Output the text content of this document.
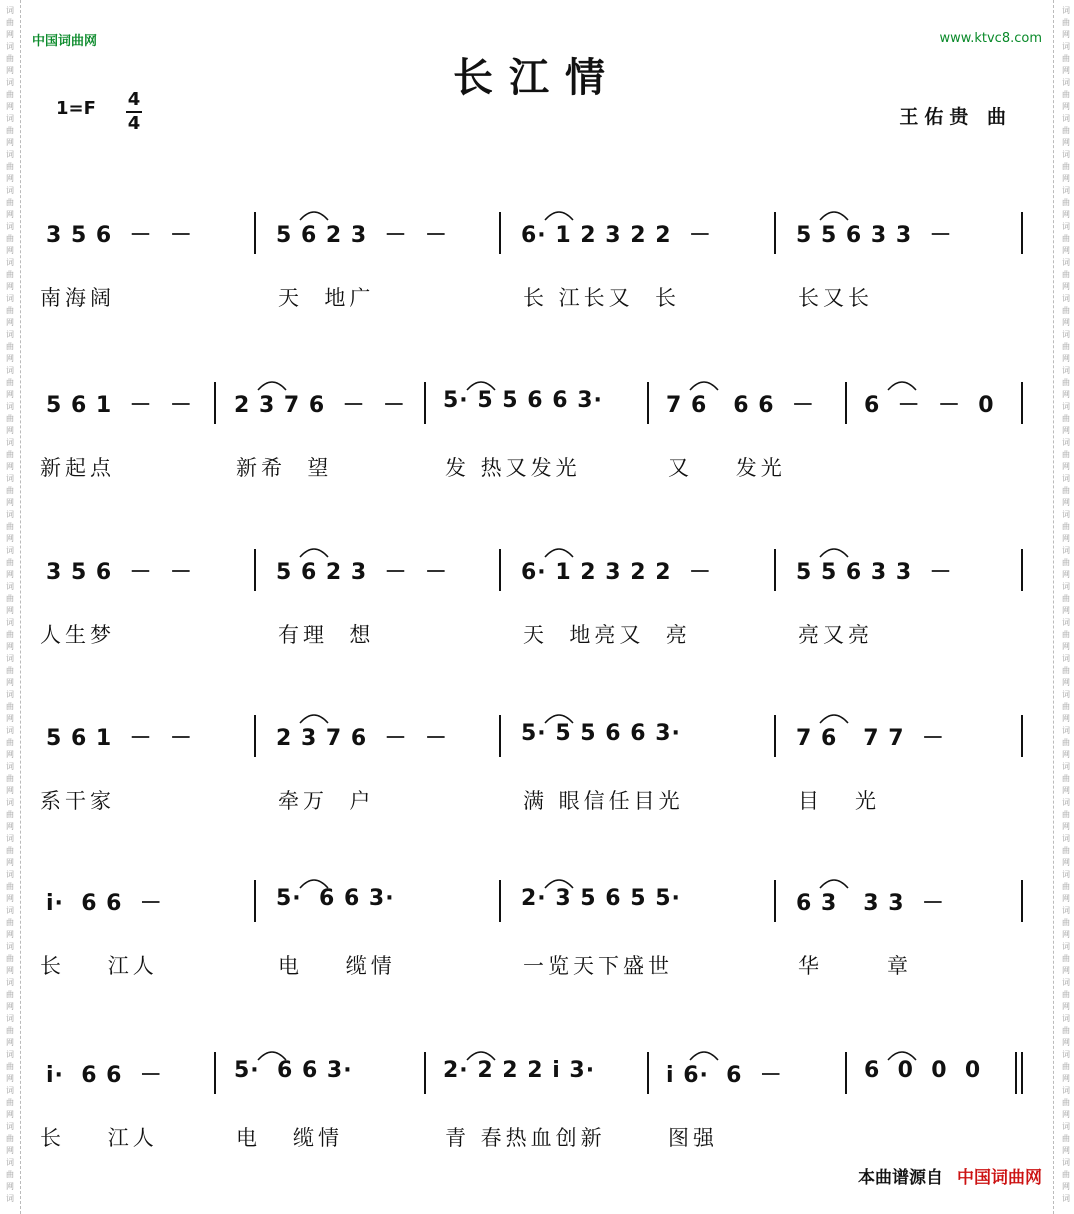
词
曲
网
词
曲
网
词
曲
网
词
曲
网
词
曲
网
词
曲
网
词
曲
网
词
曲
网
词
曲
网
词
曲
网
词
曲
网
词
曲
网
词
曲
网
词
曲
网
词
曲
网
词
曲
网
词
曲
网
词
曲
网
词
曲
网
词
曲
网
词
曲
网
词
曲
网
词
曲
网
词
曲
网
词
曲
网
词
曲
网
词
曲
网
词
曲
网
词
曲
网
词
曲
网
词
曲
网
词
曲
网
词
曲
网
词
词
曲
网
词
曲
网
词
曲
网
词
曲
网
词
曲
网
词
曲
网
词
曲
网
词
曲
网
词
曲
网
词
曲
网
词
曲
网
词
曲
网
词
曲
网
词
曲
网
词
曲
网
词
曲
网
词
曲
网
词
曲
网
词
曲
网
词
曲
网
词
曲
网
词
曲
网
词
曲
网
词
曲
网
词
曲
网
词
曲
网
词
曲
网
词
曲
网
词
曲
网
词
曲
网
词
曲
网
词
曲
网
词
曲
网
词
中国词曲网	www.ktvc8.com
长江情
1=F 4
4	王佑贵 曲
3 5 6  －  －	5 6 2 3  －  －	6· 1 2 3 2 2  －	5 5 6 3 3  －
南海阔	天  地广	长 江长又  长	长又长
5 6 1  －  － 2 3 7 6  －  － 5· 5 5 6 6 3·	7 6   6 6  － 6  －  －  0
新起点	新希  望	发 热又发光	又    发光
3 5 6  －  －	5 6 2 3  －  －	6· 1 2 3 2 2  －	5 5 6 3 3  －
人生梦	有理  想	天  地亮又  亮	亮又亮
5 6 1  －  －	2 3 7 6  －  －	5· 5 5 6 6 3·	7 6   7 7  －
系干家	牵万  户	满 眼信任目光	目   光
i·  6 6  －	5·  6 6 3·	2· 3 5 6 5 5·	6 3   3 3  －
长    江人	电    缆情	一览天下盛世	华      章
i·  6 6  －	5·  6 6 3·	2· 2 2 2 i 3·	i 6·  6  －	6  0  0  0
长    江人	电   缆情	青 春热血创新	图强
本曲谱源自 中国词曲网
